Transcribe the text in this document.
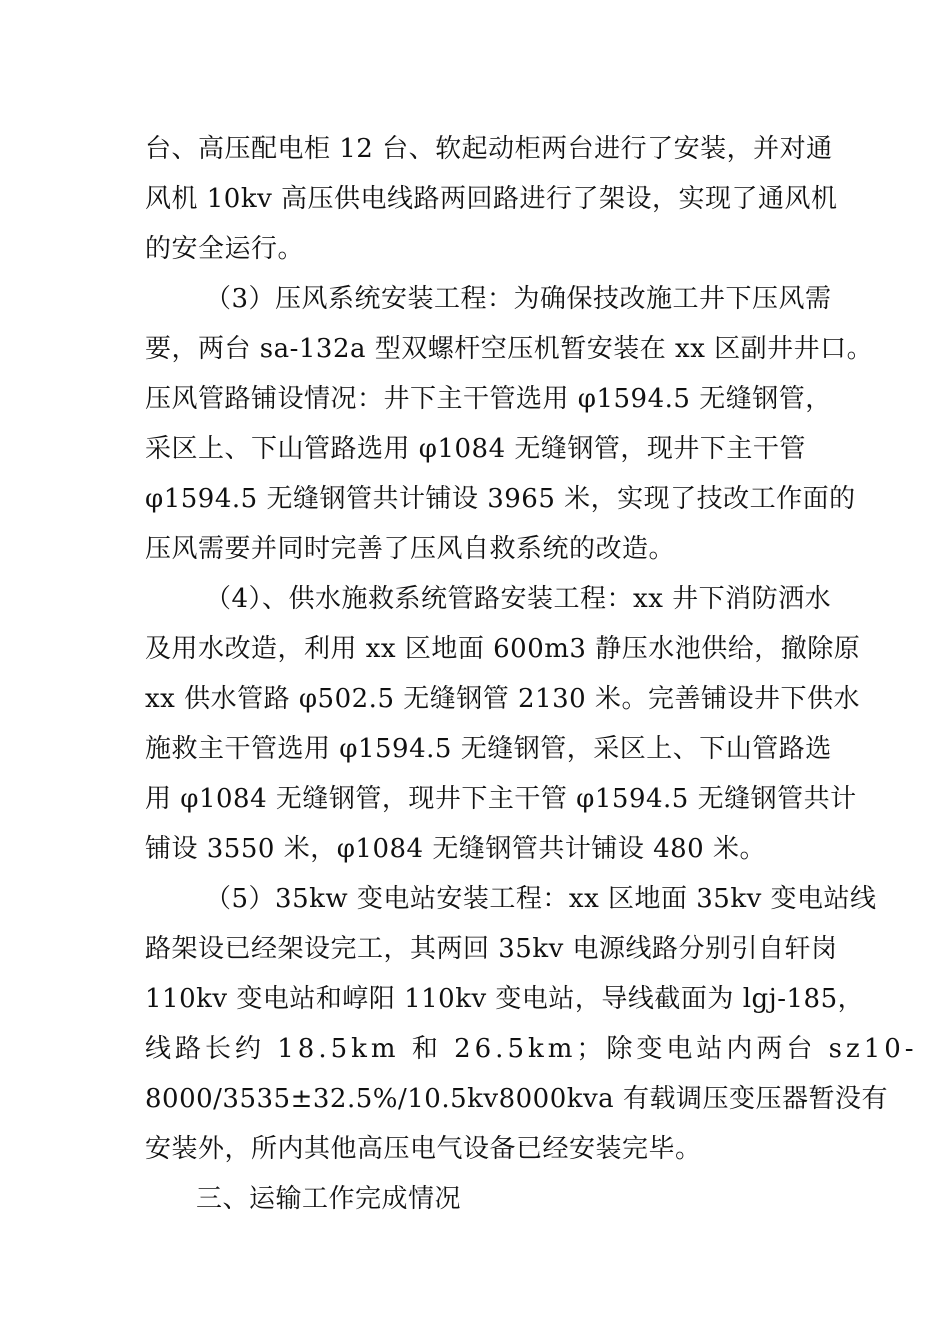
台、高压配电柜 12 台、软起动柜两台进行了安装，并对通
风机 10kv 高压供电线路两回路进行了架设，实现了通风机
的安全运行。
（3）压风系统安装工程：为确保技改施工井下压风需
要，两台 sa-132a 型双螺杆空压机暂安装在 xx 区副井井口。
压风管路铺设情况：井下主干管选用 φ1594.5 无缝钢管，
采区上、下山管路选用 φ1084 无缝钢管，现井下主干管
φ1594.5 无缝钢管共计铺设 3965 米，实现了技改工作面的
压风需要并同时完善了压风自救系统的改造。
（4）、供水施救系统管路安装工程：xx 井下消防洒水
及用水改造，利用 xx 区地面 600m3 静压水池供给，撤除原
xx 供水管路 φ502.5 无缝钢管 2130 米。完善铺设井下供水
施救主干管选用 φ1594.5 无缝钢管，采区上、下山管路选
用 φ1084 无缝钢管，现井下主干管 φ1594.5 无缝钢管共计
铺设 3550 米，φ1084 无缝钢管共计铺设 480 米。
（5）35kw 变电站安装工程：xx 区地面 35kv 变电站线
路架设已经架设完工，其两回 35kv 电源线路分别引自轩岗
110kv 变电站和崞阳 110kv 变电站，导线截面为 lgj-185，
线路长约 18.5km 和 26.5km；除变电站内两台 sz10-
8000/3535±32.5%/10.5kv8000kva 有载调压变压器暂没有
安装外，所内其他高压电气设备已经安装完毕。
三、运输工作完成情况
